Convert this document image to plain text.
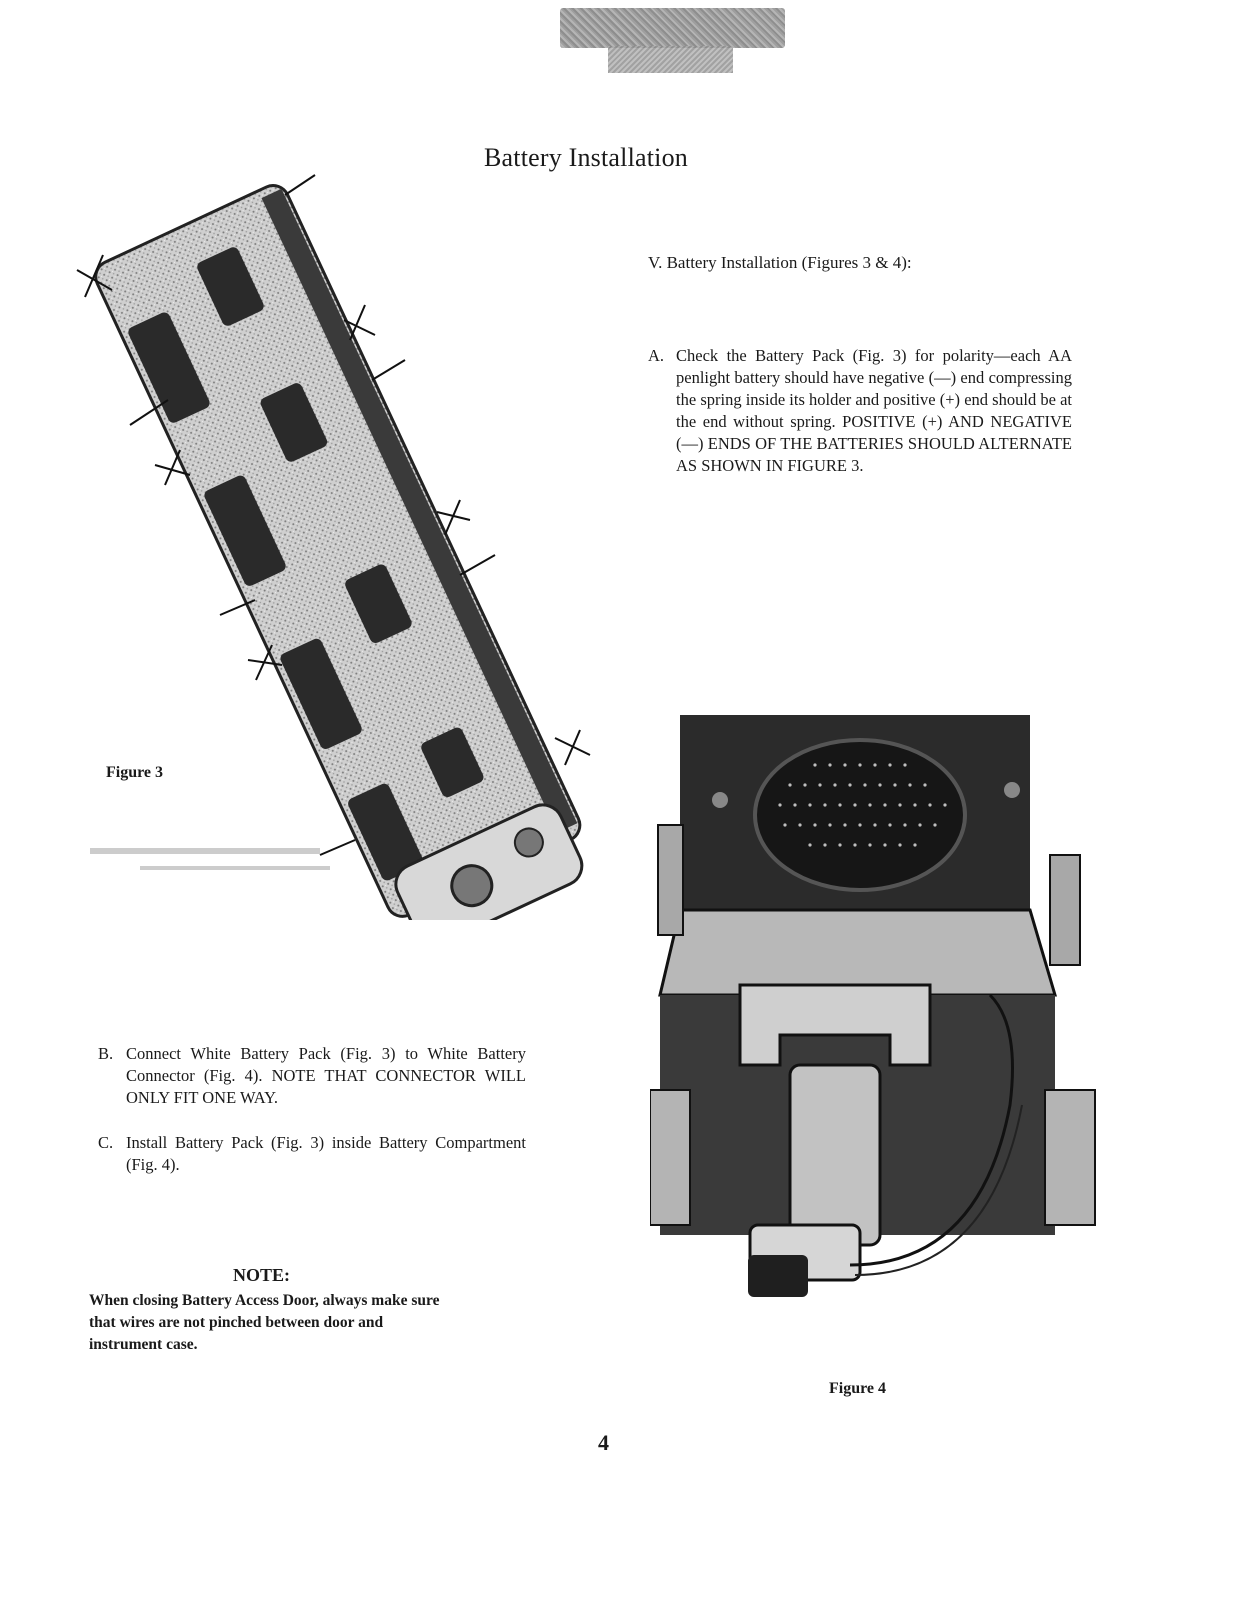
Battery Installation
V. Battery Installation (Figures 3 & 4):
A. Check the Battery Pack (Fig. 3) for polarity—each AA penlight battery should have negative (—) end compressing the spring inside its holder and positive (+) end should be at the end without spring. POSITIVE (+) AND NEGATIVE (—) ENDS OF THE BATTERIES SHOULD ALTERNATE AS SHOWN IN FIGURE 3.
Figure 3
Figure 4
B. Connect White Battery Pack (Fig. 3) to White Battery Connector (Fig. 4). NOTE THAT CONNECTOR WILL ONLY FIT ONE WAY.
C. Install Battery Pack (Fig. 3) inside Battery Compartment (Fig. 4).
NOTE:
When closing Battery Access Door, always make sure that wires are not pinched between door and instrument case.
4
